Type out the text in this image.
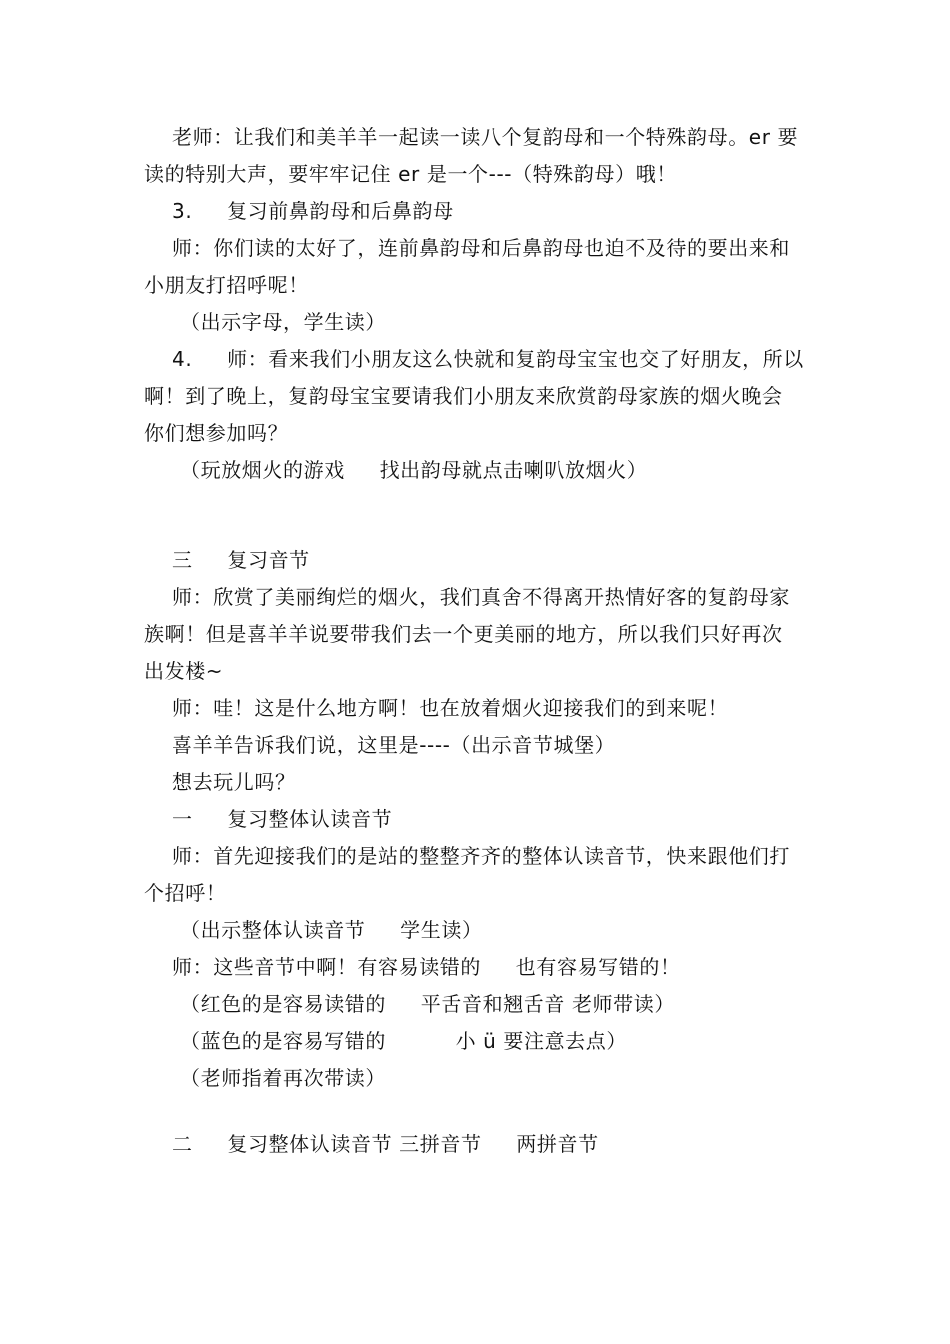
老师：让我们和美羊羊一起读一读八个复韵母和一个特殊韵母。er 要
读的特别大声，要牢牢记住 er 是一个---（特殊韵母）哦！
3.     复习前鼻韵母和后鼻韵母
师：你们读的太好了，连前鼻韵母和后鼻韵母也迫不及待的要出来和
小朋友打招呼呢！
（出示字母，学生读）
4.     师：看来我们小朋友这么快就和复韵母宝宝也交了好朋友，所以
啊！到了晚上，复韵母宝宝要请我们小朋友来欣赏韵母家族的烟火晚会
你们想参加吗？
（玩放烟火的游戏     找出韵母就点击喇叭放烟火）
三     复习音节
师：欣赏了美丽绚烂的烟火，我们真舍不得离开热情好客的复韵母家
族啊！但是喜羊羊说要带我们去一个更美丽的地方，所以我们只好再次
出发楼~
师：哇！这是什么地方啊！也在放着烟火迎接我们的到来呢！
喜羊羊告诉我们说，这里是----（出示音节城堡）
想去玩儿吗？
一     复习整体认读音节
师：首先迎接我们的是站的整整齐齐的整体认读音节，快来跟他们打
个招呼！
（出示整体认读音节     学生读）
师：这些音节中啊！有容易读错的     也有容易写错的！
（红色的是容易读错的     平舌音和翘舌音 老师带读）
（蓝色的是容易写错的          小 ü 要注意去点）
（老师指着再次带读）
二     复习整体认读音节 三拼音节     两拼音节
